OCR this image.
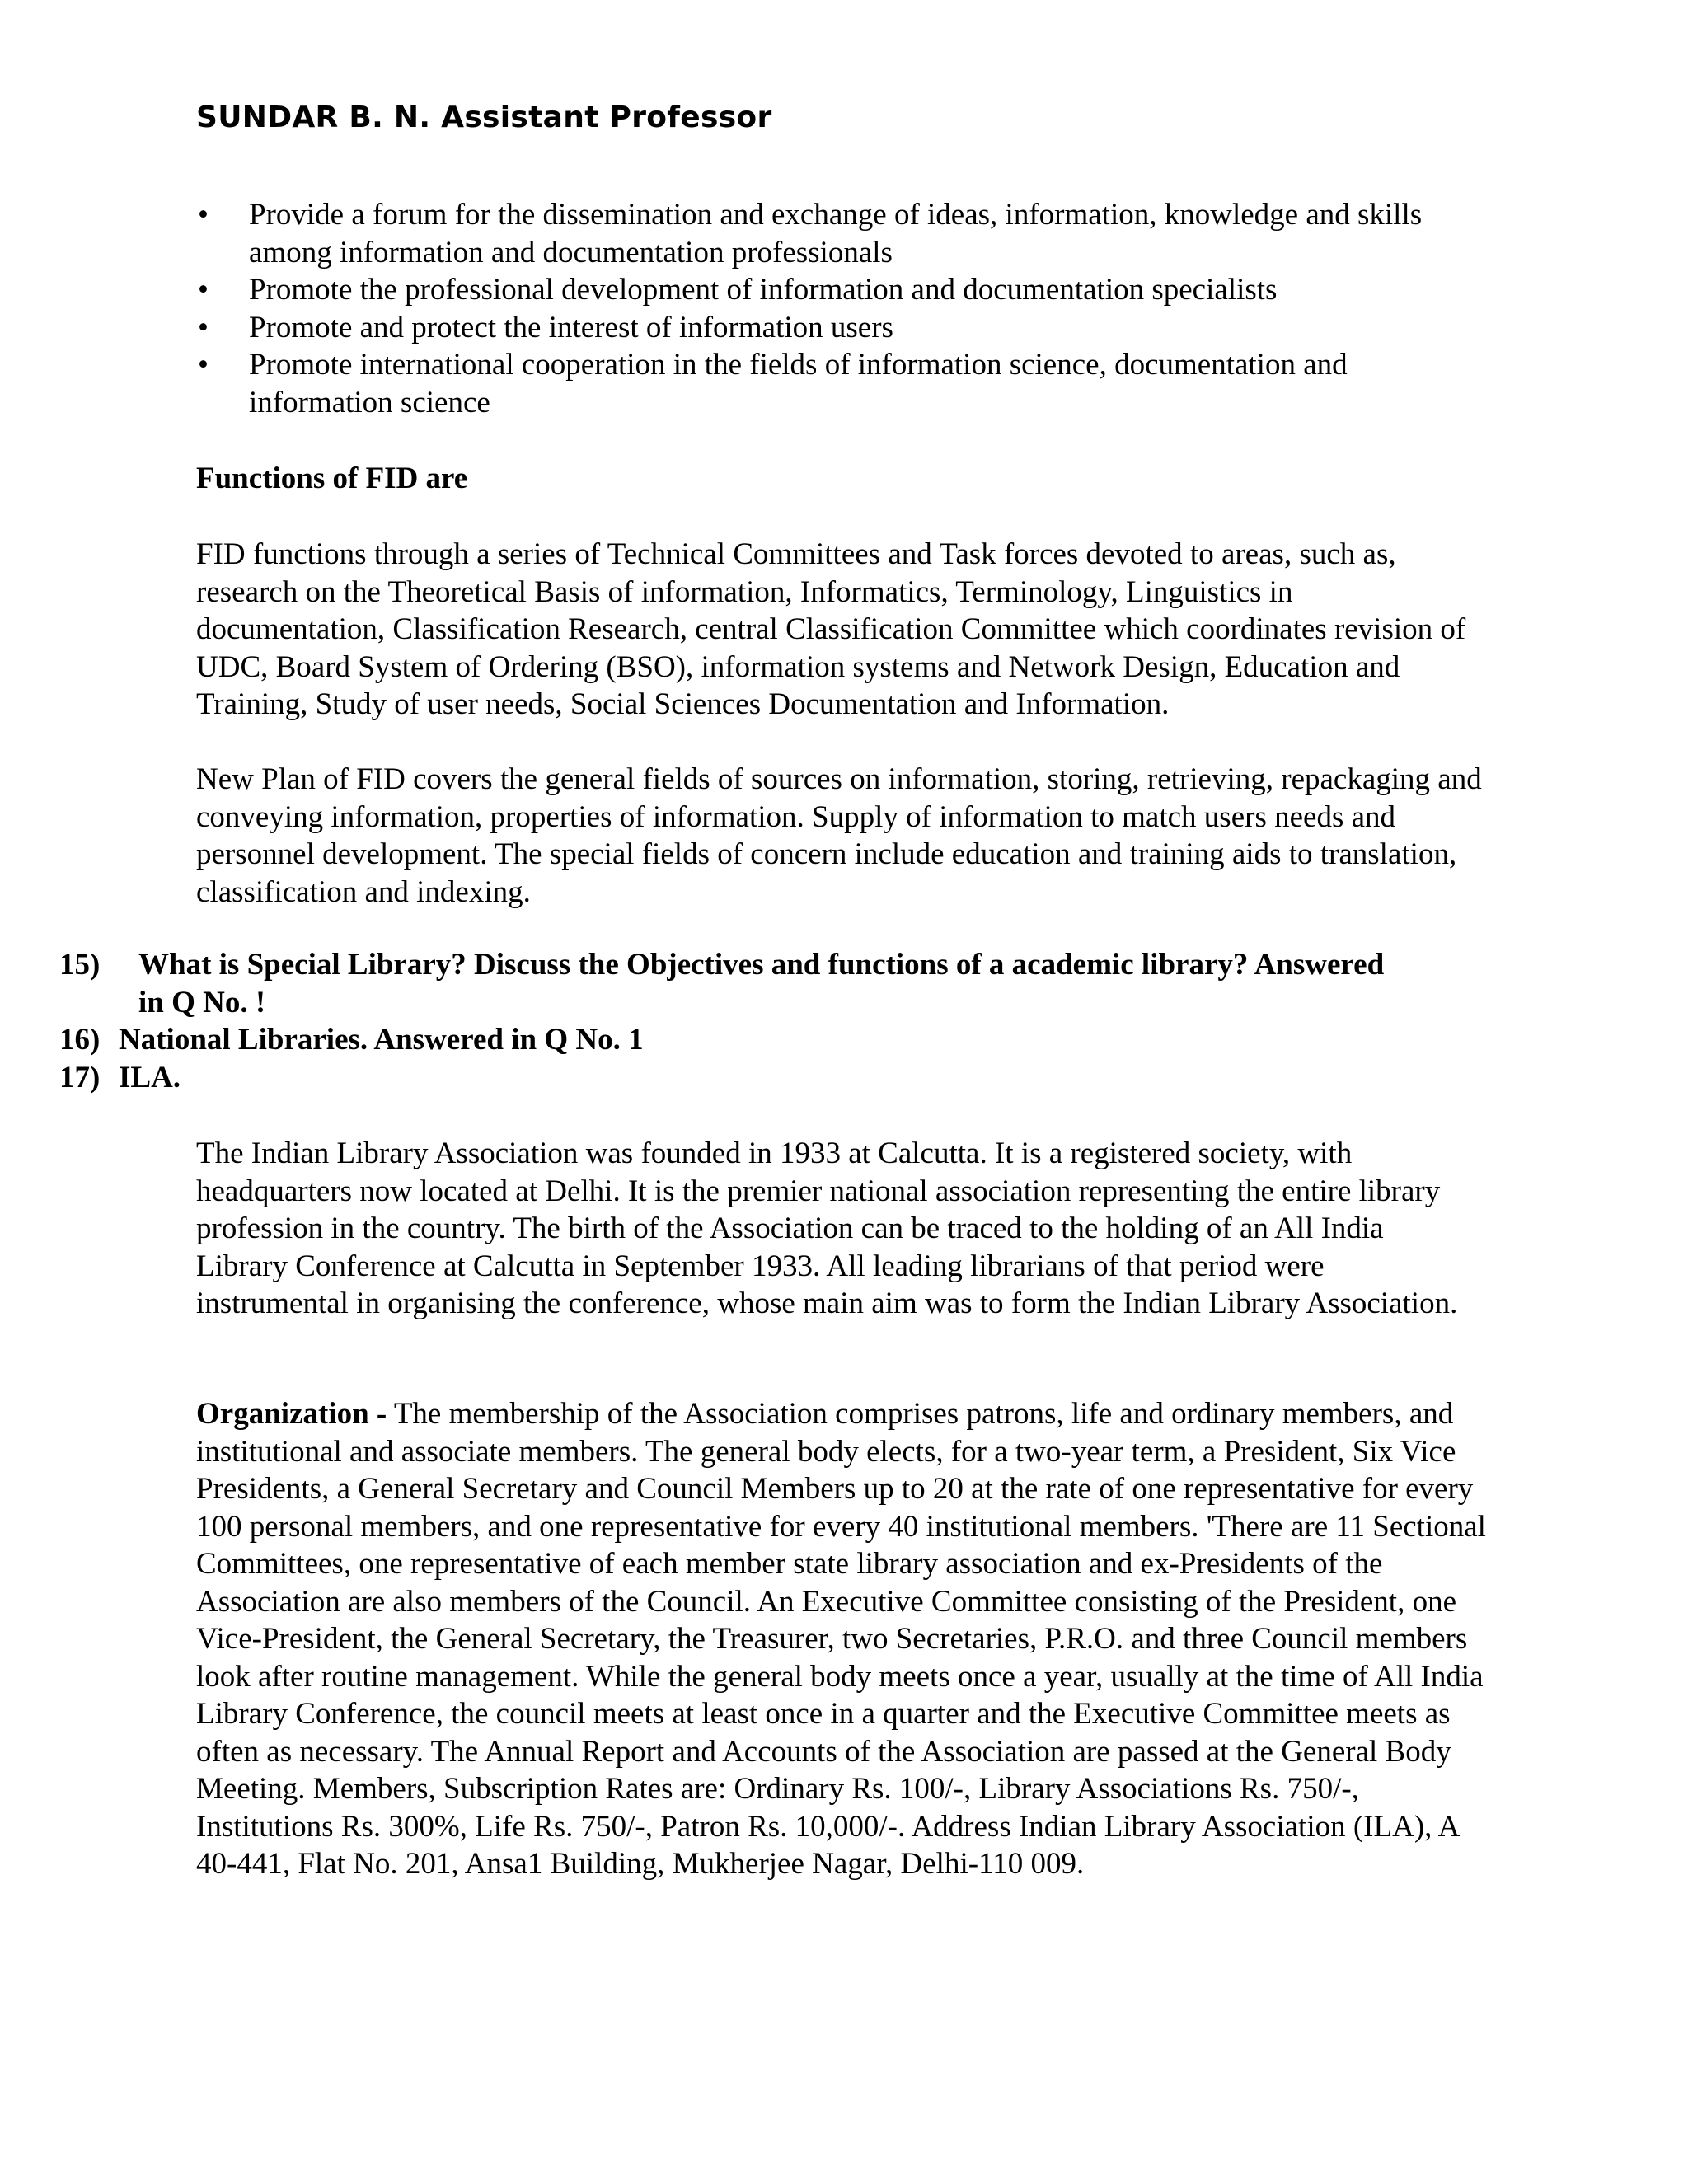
SUNDAR B. N. Assistant Professor
• Provide a forum for the dissemination and exchange of ideas, information, knowledge and skills among information and documentation professionals
• Promote the professional development of information and documentation specialists
• Promote and protect the interest of information users
• Promote international cooperation in the fields of information science, documentation and information science

Functions of FID are

FID functions through a series of Technical Committees and Task forces devoted to areas, such as, research on the Theoretical Basis of information, Informatics, Terminology, Linguistics in documentation, Classification Research, central Classification Committee which coordinates revision of UDC, Board System of Ordering (BSO), information systems and Network Design, Education and Training, Study of user needs, Social Sciences Documentation and Information.

New Plan of FID covers the general fields of sources on information, storing, retrieving, repackaging and conveying information, properties of information. Supply of information to match users needs and personnel development. The special fields of concern include education and training aids to translation, classification and indexing.

15)	What is Special Library? Discuss the Objectives and functions of a academic library? Answered in Q No. !
16) National Libraries. Answered in Q No. 1
17) ILA.

The Indian Library Association was founded in 1933 at Calcutta. It is a registered society, with headquarters now located at Delhi. It is the premier national association representing the entire library profession in the country. The birth of the Association can be traced to the holding of an All India Library Conference at Calcutta in September 1933. All leading librarians of that period were instrumental in organising the conference, whose main aim was to form the Indian Library Association.

Organization - The membership of the Association comprises patrons, life and ordinary members, and institutional and associate members. The general body elects, for a two-year term, a President, Six Vice Presidents, a General Secretary and Council Members up to 20 at the rate of one representative for every 100 personal members, and one representative for every 40 institutional members. 'There are 11 Sectional Committees, one representative of each member state library association and ex-Presidents of the Association are also members of the Council. An Executive Committee consisting of the President, one Vice-President, the General Secretary, the Treasurer, two Secretaries, P.R.O. and three Council members look after routine management. While the general body meets once a year, usually at the time of All India Library Conference, the council meets at least once in a quarter and the Executive Committee meets as often as necessary. The Annual Report and Accounts of the Association are passed at the General Body Meeting. Members, Subscription Rates are: Ordinary Rs. 100/-, Library Associations Rs. 750/-, Institutions Rs. 300%, Life Rs. 750/-, Patron Rs. 10,000/-. Address Indian Library Association (ILA), A 40-441, Flat No. 201, Ansa1 Building, Mukherjee Nagar, Delhi-110 009.
